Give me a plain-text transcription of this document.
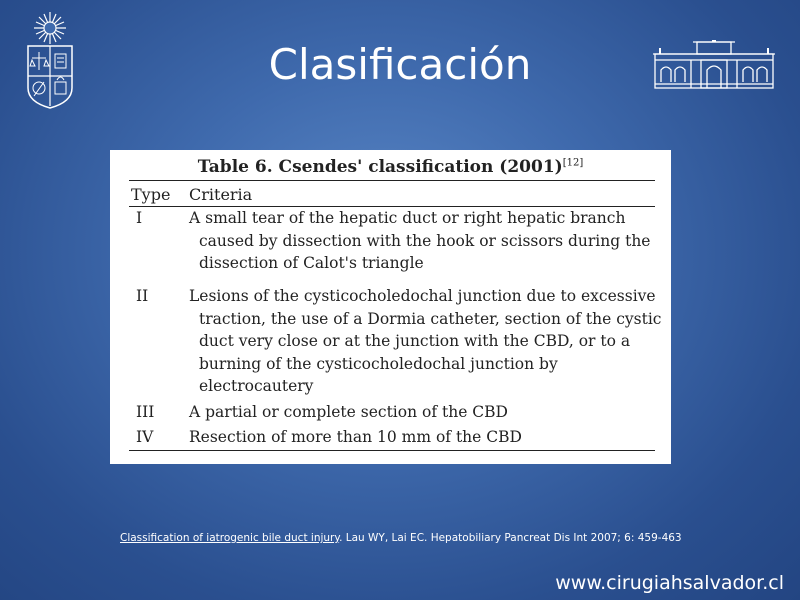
Clasificación
Table 6. Csendes' classification (2001)[12]
Type Criteria
I	A small tear of the hepatic duct or right hepatic branch caused by dissection with the hook or scissors during the dissection of Calot's triangle
II	Lesions of the cysticocholedochal junction due to excessive traction, the use of a Dormia catheter, section of the cystic duct very close or at the junction with the CBD, or to a burning of the cysticocholedochal junction by electrocautery
III A partial or complete section of the CBD
IV Resection of more than 10 mm of the CBD
Classification of iatrogenic bile duct injury. Lau WY, Lai EC. Hepatobiliary Pancreat Dis Int 2007; 6: 459-463
www.cirugiahsalvador.cl
